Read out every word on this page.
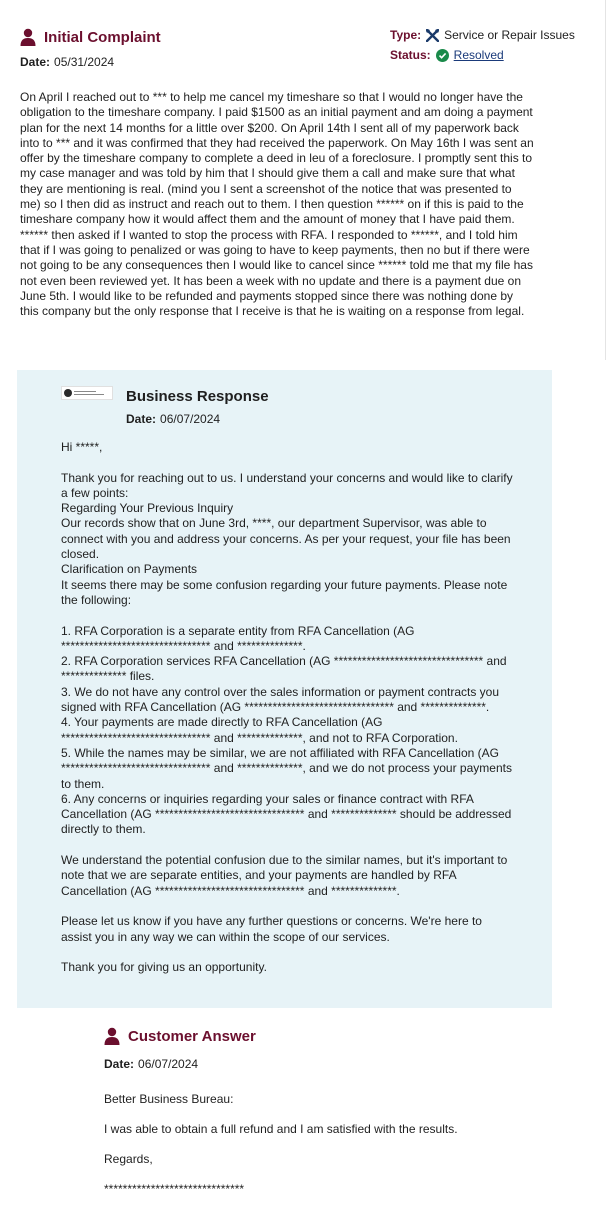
Initial Complaint
Date: 05/31/2024
Type: Service or Repair Issues
Status: Resolved
On April I reached out to *** to help me cancel my timeshare so that I would no longer have the obligation to the timeshare company. I paid $1500 as an initial payment and am doing a payment plan for the next 14 months for a little over $200. On April 14th I sent all of my paperwork back into to *** and it was confirmed that they had received the paperwork. On May 16th I was sent an offer by the timeshare company to complete a deed in leu of a foreclosure. I promptly sent this to my case manager and was told by him that I should give them a call and make sure that what they are mentioning is real. (mind you I sent a screenshot of the notice that was presented to me) so I then did as instruct and reach out to them. I then question ****** on if this is paid to the timeshare company how it would affect them and the amount of money that I have paid them. ****** then asked if I wanted to stop the process with RFA. I responded to ******, and I told him that if I was going to penalized or was going to have to keep payments, then no but if there were not going to be any consequences then I would like to cancel since ****** told me that my file has not even been reviewed yet. It has been a week with no update and there is a payment due on June 5th. I would like to be refunded and payments stopped since there was nothing done by this company but the only response that I receive is that he is waiting on a response from legal.
Business Response
Date: 06/07/2024

Hi *****,

Thank you for reaching out to us. I understand your concerns and would like to clarify a few points:

Regarding Your Previous Inquiry

Our records show that on June 3rd, ****, our department Supervisor, was able to connect with you and address your concerns. As per your request, your file has been closed.

Clarification on Payments

It seems there may be some confusion regarding your future payments. Please note the following:

1. RFA Corporation is a separate entity from RFA Cancellation (AG ******************************** and **************.

2. RFA Corporation services RFA Cancellation (AG ******************************** and ************** files.

3. We do not have any control over the sales information or payment contracts you signed with RFA Cancellation (AG ******************************** and **************.

4. Your payments are made directly to RFA Cancellation (AG ******************************** and **************, and not to RFA Corporation.

5. While the names may be similar, we are not affiliated with RFA Cancellation (AG ******************************** and **************, and we do not process your payments to them.

6. Any concerns or inquiries regarding your sales or finance contract with RFA Cancellation (AG ******************************** and ************** should be addressed directly to them.

We understand the potential confusion due to the similar names, but it's important to note that we are separate entities, and your payments are handled by RFA Cancellation (AG ******************************** and **************.

Please let us know if you have any further questions or concerns. We're here to assist you in any way we can within the scope of our services.

Thank you for giving us an opportunity.

Customer Answer
Date: 06/07/2024

Better Business Bureau:

I was able to obtain a full refund and I am satisfied with the results.

Regards,

******************************
